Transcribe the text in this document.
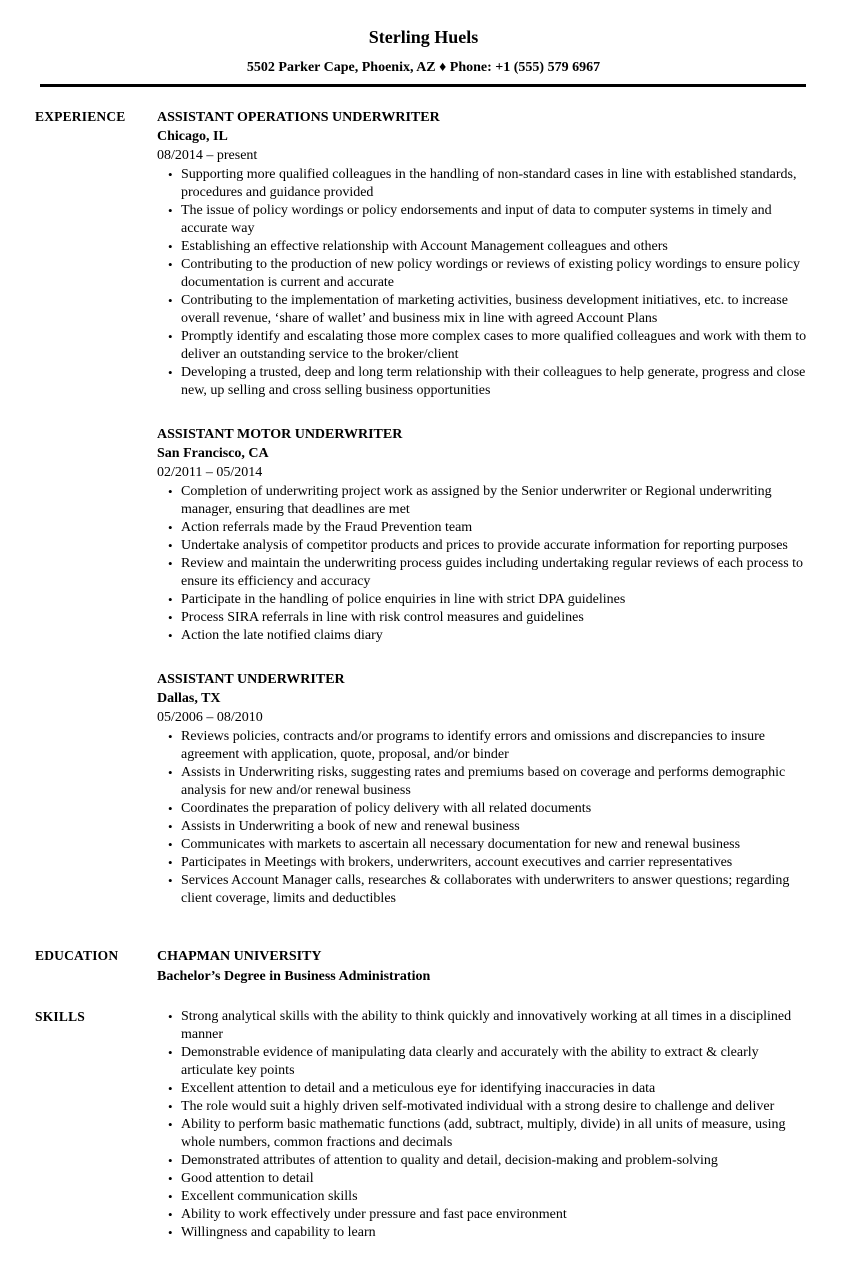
Sterling Huels

5502 Parker Cape, Phoenix, AZ ♦ Phone: +1 (555) 579 6967

EXPERIENCE	ASSISTANT OPERATIONS UNDERWRITER
Chicago, IL
08/2014 – present
• Supporting more qualified colleagues in the handling of non-standard cases in line with established standards, procedures and guidance provided
• The issue of policy wordings or policy endorsements and input of data to computer systems in timely and accurate way
• Establishing an effective relationship with Account Management colleagues and others
• Contributing to the production of new policy wordings or reviews of existing policy wordings to ensure policy documentation is current and accurate
• Contributing to the implementation of marketing activities, business development initiatives, etc. to increase overall revenue, ‘share of wallet’ and business mix in line with agreed Account Plans
• Promptly identify and escalating those more complex cases to more qualified colleagues and work with them to deliver an outstanding service to the broker/client
• Developing a trusted, deep and long term relationship with their colleagues to help generate, progress and close new, up selling and cross selling business opportunities
ASSISTANT MOTOR UNDERWRITER
San Francisco, CA
02/2011 – 05/2014
• Completion of underwriting project work as assigned by the Senior underwriter or Regional underwriting manager, ensuring that deadlines are met
• Action referrals made by the Fraud Prevention team
• Undertake analysis of competitor products and prices to provide accurate information for reporting purposes
• Review and maintain the underwriting process guides including undertaking regular reviews of each process to ensure its efficiency and accuracy
• Participate in the handling of police enquiries in line with strict DPA guidelines
• Process SIRA referrals in line with risk control measures and guidelines
• Action the late notified claims diary
ASSISTANT UNDERWRITER
Dallas, TX
05/2006 – 08/2010
• Reviews policies, contracts and/or programs to identify errors and omissions and discrepancies to insure agreement with application, quote, proposal, and/or binder
• Assists in Underwriting risks, suggesting rates and premiums based on coverage and performs demographic analysis for new and/or renewal business
• Coordinates the preparation of policy delivery with all related documents
• Assists in Underwriting a book of new and renewal business
• Communicates with markets to ascertain all necessary documentation for new and renewal business
• Participates in Meetings with brokers, underwriters, account executives and carrier representatives
• Services Account Manager calls, researches & collaborates with underwriters to answer questions; regarding client coverage, limits and deductibles
EDUCATION	CHAPMAN UNIVERSITY
Bachelor’s Degree in Business Administration
SKILLS	• Strong analytical skills with the ability to think quickly and innovatively working at all times in a disciplined manner
• Demonstrable evidence of manipulating data clearly and accurately with the ability to extract & clearly articulate key points
• Excellent attention to detail and a meticulous eye for identifying inaccuracies in data
• The role would suit a highly driven self-motivated individual with a strong desire to challenge and deliver
• Ability to perform basic mathematic functions (add, subtract, multiply, divide) in all units of measure, using whole numbers, common fractions and decimals
• Demonstrated attributes of attention to quality and detail, decision-making and problem-solving
• Good attention to detail
• Excellent communication skills
• Ability to work effectively under pressure and fast pace environment
• Willingness and capability to learn
